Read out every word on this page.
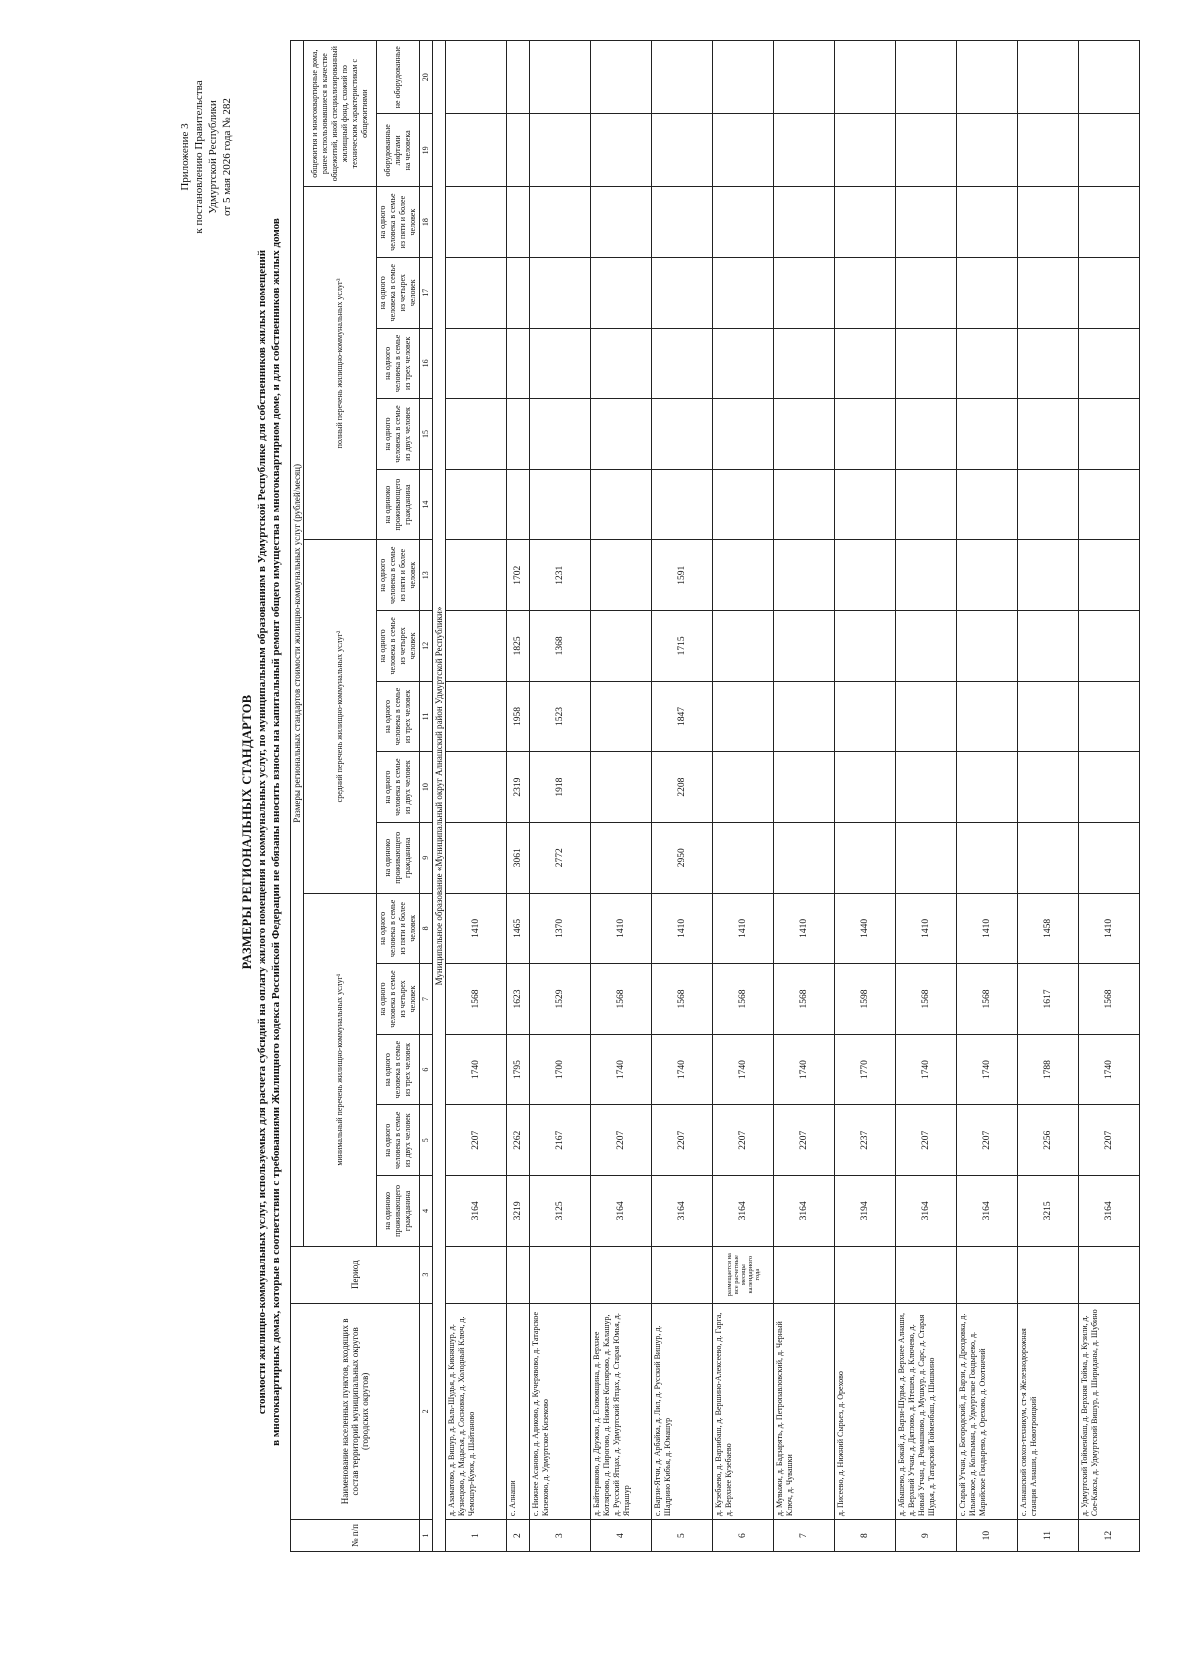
Приложение 3 к постановлению Правительства Удмуртской Республики от 5 мая 2026 года № 282
РАЗМЕРЫ РЕГИОНАЛЬНЫХ СТАНДАРТОВ стоимости жилищно-коммунальных услуг, используемых для расчета субсидий на оплату жилого помещения и коммунальных услуг, по муниципальным образованиям в Удмуртской Республике для собственников жилых помещений в многоквартирных домах, которые в соответствии с требованиями Жилищного кодекса Российской Федерации не обязаны вносить взносы на капитальный ремонт общего имущества в многоквартирном доме, и для собственников жилых домов
№ п/п	Наименование населенных пунктов, входящих в состав территорий муниципальных округов (городских округов)	Период	Размеры региональных стандартов стоимости жилищно-коммунальных услуг (рублей/месяц)																
			минимальный перечень жилищно-коммунальных услуг¹					средний перечень жилищно-коммунальных услуг²					полный перечень жилищно-коммунальных услуг³					общежития и многоквартирные дома, ранее использовавшиеся в качестве общежитий, иной специализированный жилищный фонд, схожий по техническим характеристикам с общежитиями	
			на одиноко проживающего гражданина	на одного человека в семье из двух человек	на одного человека в семье из трех человек	на одного человека в семье из четырех человек	на одного человека в семье из пяти и более человек	на одиноко проживающего гражданина	на одного человека в семье из двух человек	на одного человека в семье из трех человек	на одного человека в семье из четырех человек	на одного человека в семье из пяти и более человек	на одиноко проживающего гражданина	на одного человека в семье из двух человек	на одного человека в семье из трех человек	на одного человека в семье из четырех человек	на одного человека в семье из пяти и более человек	оборудованные лифтами
на человека	не оборудованные
1	2	3	4	5	6	7	8	9	10	11	12	13	14	15	16	17	18	19	20
Муниципальное образование «Муниципальный округ Алнашский район Удмуртской Республики»																			
1	д. Азаматово, д. Вишур, д. Валь-Шудья, д. Кикняшур, д. Кузнецово, д. Мадасья, д. Сосновка, д. Холодный Ключ, д. Чемошур-Куюк, д. Шайтаново		3164	2207	1740	1568	1410												
2	с. Алнаши		3219	2262	1795	1623	1465	3061	2319	1958	1825	1702							
3	с. Нижнее Асаново, д. Адиково, д. Кучерявово, д. Татарское Кизеково, д. Удмуртское Кизеково		3125	2167	1700	1529	1370	2772	1918	1523	1368	1231							
4	д. Байтеряково, д. Дружки, д. Елововщина, д. Верхнее Котлярово, д. Пирогово, д. Нижнее Котлярово, д. Калашур, д. Русский Ятцах, д. Удмуртский Ятцах, д. Старая Юмья, д. Ятцашур		3164	2207	1740	1568	1410												
5	с. Варзи-Ятчи, д. Арбайка, д. Лил, д. Русский Вишур, д. Шадрино Кибья, д. Юмашур		3164	2207	1740	1568	1410	2950	2208	1847	1715	1591							
6	д. Кузебаево, д. Варзибаш, д. Вершино-Алексеево, д. Гарга, д. Верхнее Кузебаево	размещается на все расчетные месяцы календарного года	3164	2207	1740	1568	1410												
7	д. Мувыжи, д. Бадзарять, д. Петропавловский, д. Черный Ключ, д. Чувашки		3164	2207	1740	1568	1410												
8	д. Писеево, д. Нижний Сырьез, д. Орехово		3194	2237	1770	1598	1440												
9	д. Абышево, д. Бокай, д. Варзи-Шудья, д. Верхнее Алнаши, д. Верхний Утчан, д. Дятлово, д. Итешев, д. Ключево, д. Новый Утчан, д. Ромашково, д. Мушкур, д. Сарс, д. Старая Шудья, д. Татарский Тойменбаш, д. Шишкино		3164	2207	1740	1568	1410												
10	с. Старый Утчан, д. Богородский, д. Варзи, д. Дроздовка, д. Ильинское, д. Колтыман, д. Удмуртское Гондырево, д. Марийское Гондырево, д. Орехово, д. Охотничий		3164	2207	1740	1568	1410												
11	с. Алнашский совхоз-техникум, ст-я Железнодорожная станция Алнаши, д. Новотроицкий		3215	2256	1788	1617	1458												
12	д. Удмуртский Тойменбаш, д. Верхняя Тойма, д. Кузили, д. Сое-Каксы, д. Удмуртский Вишур, д. Шириданы, д. Шубино		3164	2207	1740	1568	1410												
